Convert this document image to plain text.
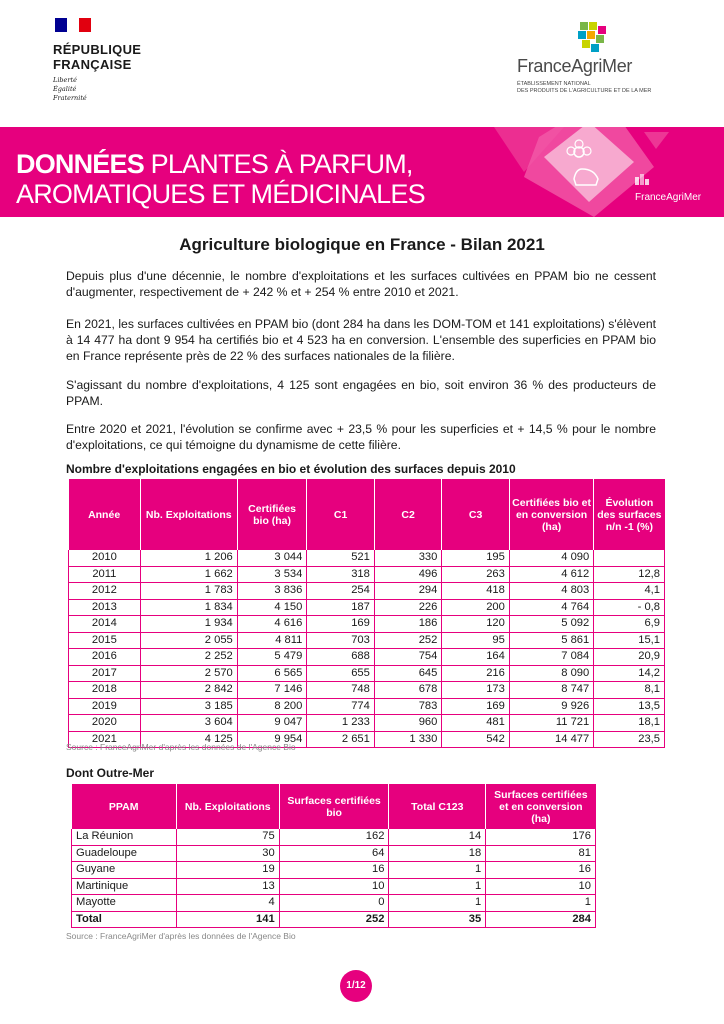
RÉPUBLIQUE
FRANÇAISE
Liberté
Égalité
Fraternité
FranceAgriMer
ÉTABLISSEMENT NATIONAL
DES PRODUITS DE L'AGRICULTURE ET DE LA MER
DONNÉES PLANTES À PARFUM,
AROMATIQUES ET MÉDICINALES	FranceAgriMer
Agriculture biologique en France - Bilan 2021

Depuis plus d'une décennie, le nombre d'exploitations et les surfaces cultivées en PPAM bio ne cessent d'augmenter, respectivement de + 242 % et + 254 % entre 2010 et 2021.

En 2021, les surfaces cultivées en PPAM bio (dont 284 ha dans les DOM-TOM et 141 exploitations) s'élèvent à 14 477 ha dont 9 954 ha certifiés bio et 4 523 ha en conversion. L'ensemble des superficies en PPAM bio en France représente près de 22 % des surfaces nationales de la filière.

S'agissant du nombre d'exploitations, 4 125 sont engagées en bio, soit environ 36 % des producteurs de PPAM.

Entre 2020 et 2021, l'évolution se confirme avec + 23,5 % pour les superficies et + 14,5 % pour le nombre d'exploitations, ce qui témoigne du dynamisme de cette filière.

Nombre d'exploitations engagées en bio et évolution des surfaces depuis 2010

Année	Nb. Exploitations	Certifiées bio (ha)	C1	C2	C3	Certifiées bio et en conversion (ha)	Évolution des surfaces n/n -1 (%)
2010	1 206	3 044	521	330	195	4 090	
2011	1 662	3 534	318	496	263	4 612	12,8
2012	1 783	3 836	254	294	418	4 803	4,1
2013	1 834	4 150	187	226	200	4 764	- 0,8
2014	1 934	4 616	169	186	120	5 092	6,9
2015	2 055	4 811	703	252	95	5 861	15,1
2016	2 252	5 479	688	754	164	7 084	20,9
2017	2 570	6 565	655	645	216	8 090	14,2
2018	2 842	7 146	748	678	173	8 747	8,1
2019	3 185	8 200	774	783	169	9 926	13,5
2020	3 604	9 047	1 233	960	481	11 721	18,1
2021	4 125	9 954	2 651	1 330	542	14 477	23,5

Source : FranceAgriMer d'après les données de l'Agence Bio

Dont Outre-Mer

PPAM	Nb. Exploitations	Surfaces certifiées bio	Total C123	Surfaces certifiées et en conversion (ha)
La Réunion	75	162	14	176
Guadeloupe	30	64	18	81
Guyane	19	16	1	16
Martinique	13	10	1	10
Mayotte	4	0	1	1
Total	141	252	35	284

Source : FranceAgriMer d'après les données de l'Agence Bio

1/12
